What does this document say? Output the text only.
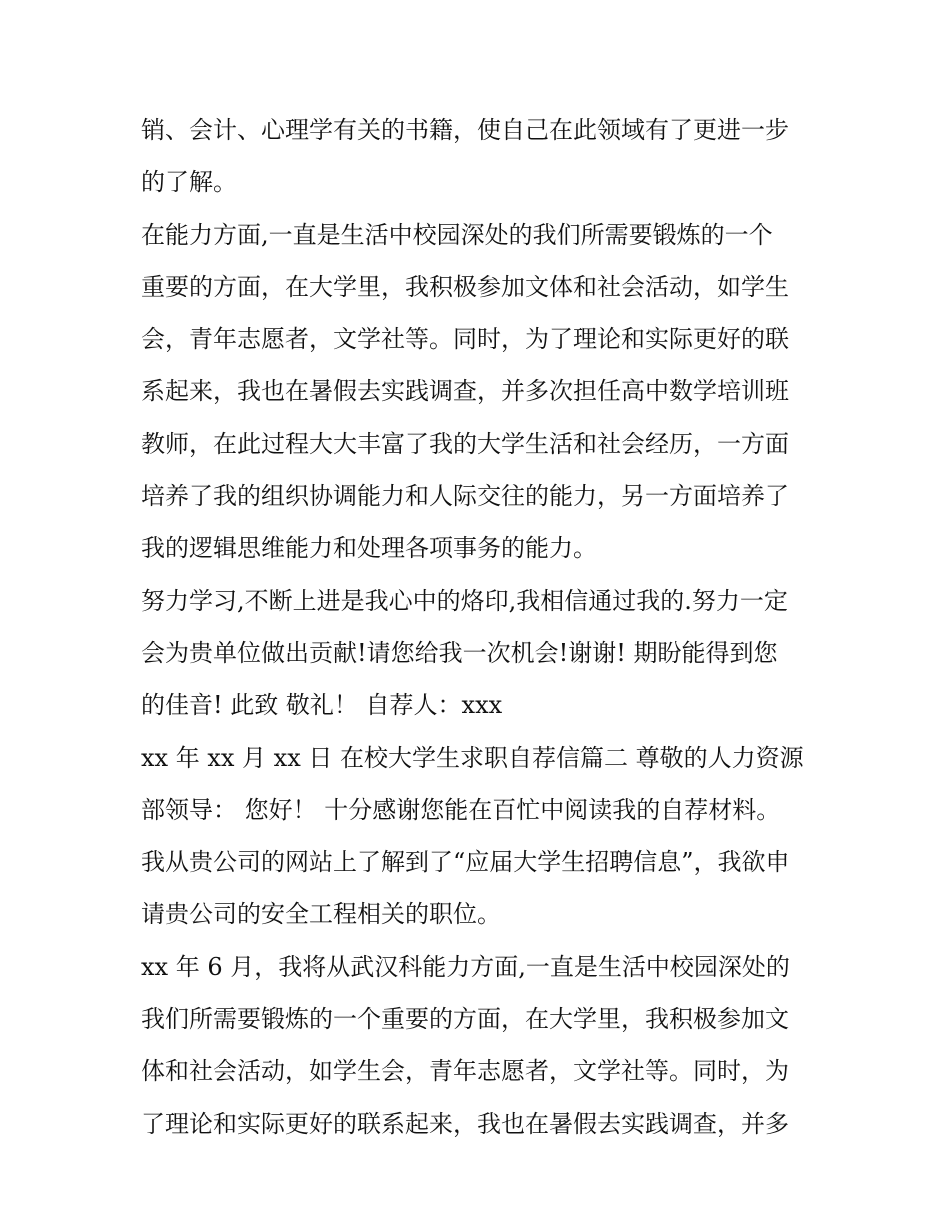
销、会计、心理学有关的书籍，使自己在此领域有了更进一步
的了解。
在能力方面,一直是生活中校园深处的我们所需要锻炼的一个
重要的方面，在大学里，我积极参加文体和社会活动，如学生
会，青年志愿者，文学社等。同时，为了理论和实际更好的联
系起来，我也在暑假去实践调查，并多次担任高中数学培训班
教师，在此过程大大丰富了我的大学生活和社会经历，一方面
培养了我的组织协调能力和人际交往的能力，另一方面培养了
我的逻辑思维能力和处理各项事务的能力。
努力学习,不断上进是我心中的烙印,我相信通过我的.努力一定
会为贵单位做出贡献!请您给我一次机会!谢谢! 期盼能得到您
的佳音! 此致 敬礼！ 自荐人：xxx
xx 年 xx 月 xx 日 在校大学生求职自荐信篇二 尊敬的人力资源
部领导： 您好！ 十分感谢您能在百忙中阅读我的自荐材料。
我从贵公司的网站上了解到了“应届大学生招聘信息”，我欲申
请贵公司的安全工程相关的职位。
xx 年 6 月，我将从武汉科能力方面,一直是生活中校园深处的
我们所需要锻炼的一个重要的方面，在大学里，我积极参加文
体和社会活动，如学生会，青年志愿者，文学社等。同时，为
了理论和实际更好的联系起来，我也在暑假去实践调查，并多
